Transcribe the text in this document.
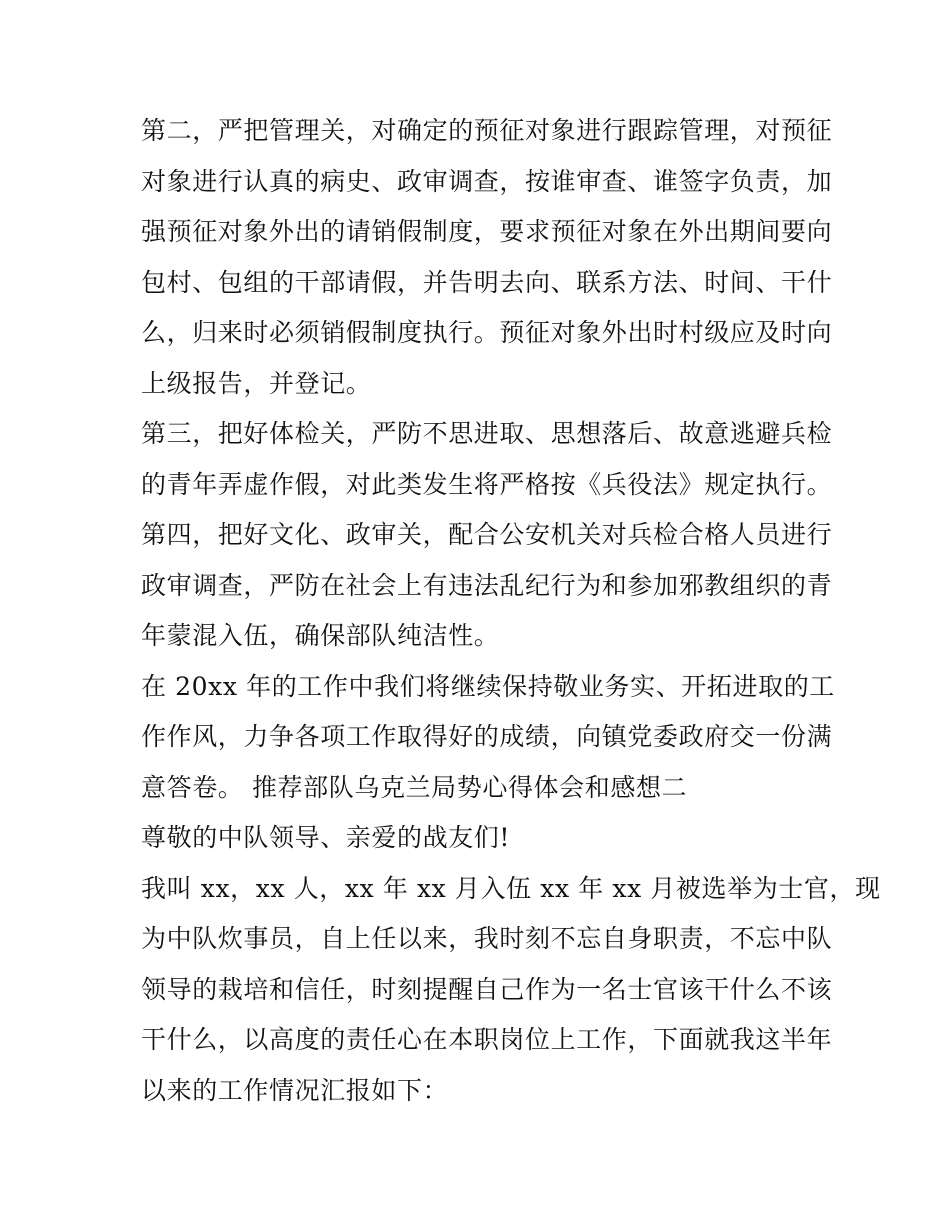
第二，严把管理关，对确定的预征对象进行跟踪管理，对预征
对象进行认真的病史、政审调查，按谁审查、谁签字负责，加
强预征对象外出的请销假制度，要求预征对象在外出期间要向
包村、包组的干部请假，并告明去向、联系方法、时间、干什
么，归来时必须销假制度执行。预征对象外出时村级应及时向
上级报告，并登记。
第三，把好体检关，严防不思进取、思想落后、故意逃避兵检
的青年弄虚作假，对此类发生将严格按《兵役法》规定执行。
第四，把好文化、政审关，配合公安机关对兵检合格人员进行
政审调查，严防在社会上有违法乱纪行为和参加邪教组织的青
年蒙混入伍，确保部队纯洁性。
在 20xx 年的工作中我们将继续保持敬业务实、开拓进取的工
作作风，力争各项工作取得好的成绩，向镇党委政府交一份满
意答卷。 推荐部队乌克兰局势心得体会和感想二
尊敬的中队领导、亲爱的战友们!
我叫 xx，xx 人，xx 年 xx 月入伍 xx 年 xx 月被选举为士官，现
为中队炊事员，自上任以来，我时刻不忘自身职责，不忘中队
领导的栽培和信任，时刻提醒自己作为一名士官该干什么不该
干什么，以高度的责任心在本职岗位上工作，下面就我这半年
以来的工作情况汇报如下：
